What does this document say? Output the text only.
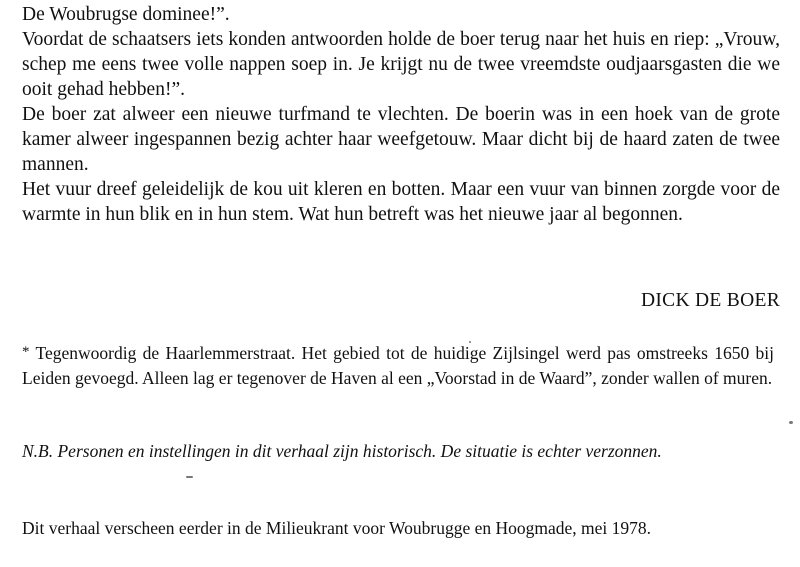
De Woubrugse dominee!”.

Voordat de schaatsers iets konden antwoorden holde de boer terug naar het huis en riep: „Vrouw, schep me eens twee volle nappen soep in. Je krijgt nu de twee vreemdste oudjaarsgasten die we ooit gehad hebben!”.

De boer zat alweer een nieuwe turfmand te vlechten. De boerin was in een hoek van de grote kamer alweer ingespannen bezig achter haar weefgetouw. Maar dicht bij de haard zaten de twee mannen.

Het vuur dreef geleidelijk de kou uit kleren en botten. Maar een vuur van binnen zorgde voor de warmte in hun blik en in hun stem. Wat hun betreft was het nieuwe jaar al begonnen.

DICK DE BOER
* Tegenwoordig de Haarlemmerstraat. Het gebied tot de huidige Zijlsingel werd pas omstreeks 1650 bij Leiden gevoegd. Alleen lag er tegenover de Haven al een „Voorstad in de Waard”, zonder wallen of muren.
N.B. Personen en instellingen in dit verhaal zijn historisch. De situatie is echter verzonnen.
Dit verhaal verscheen eerder in de Milieukrant voor Woubrugge en Hoogmade, mei 1978.
